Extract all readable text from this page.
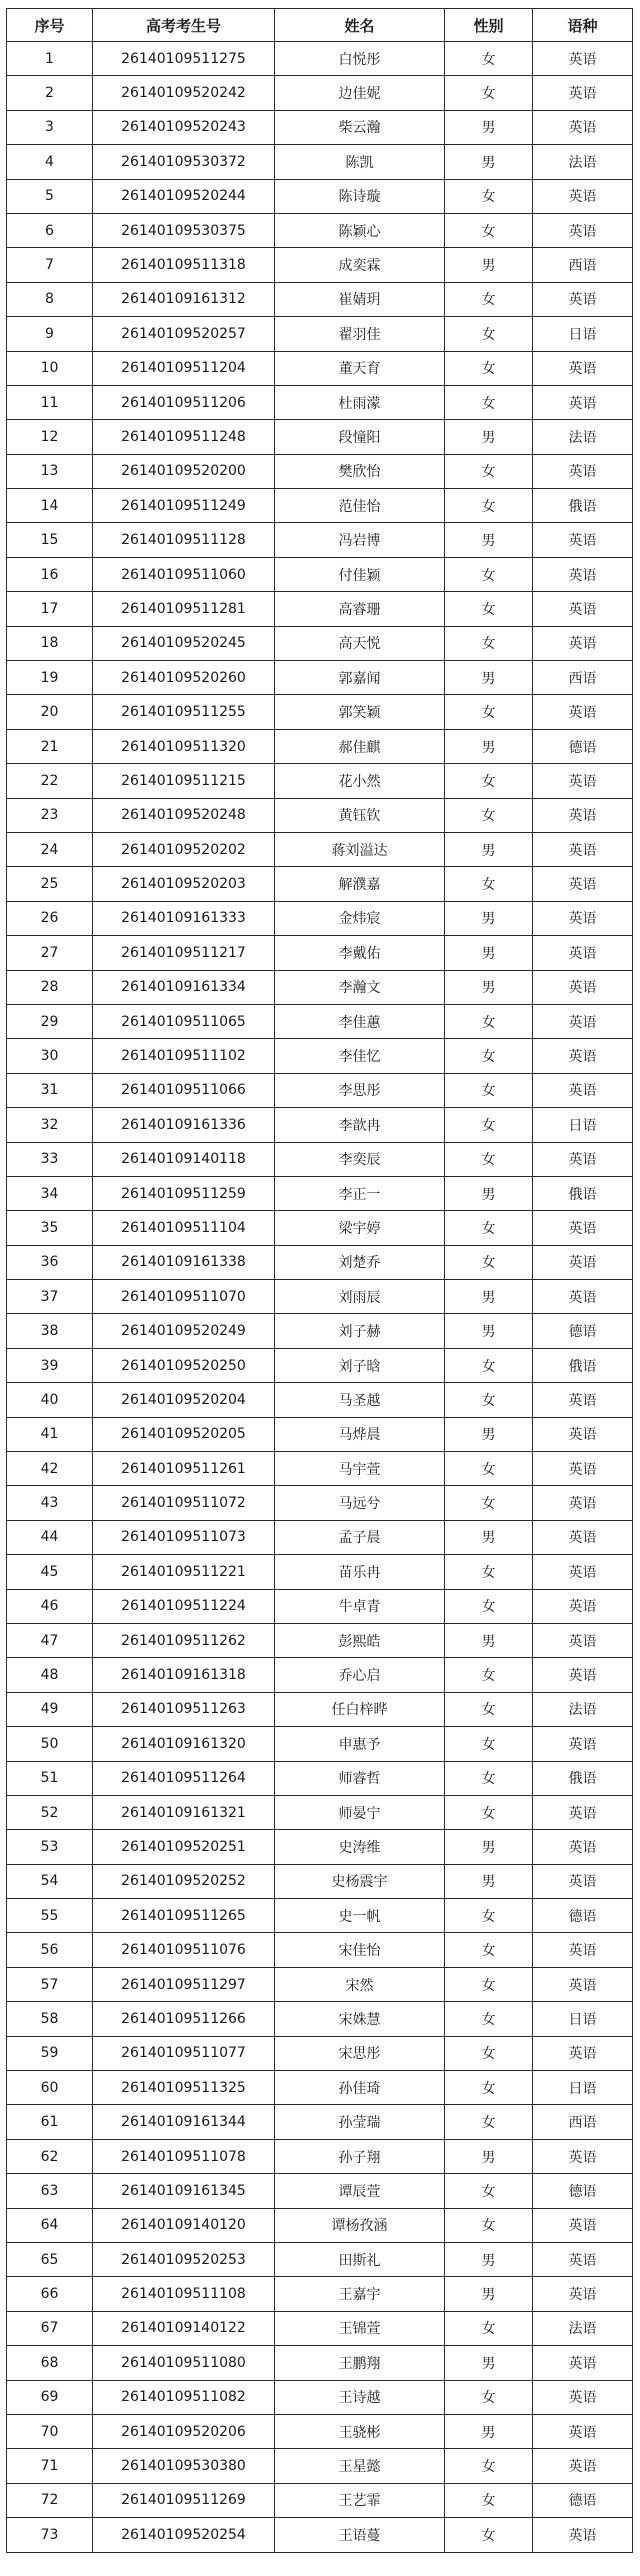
序号	高考考生号	姓名	性别	语种
1	26140109511275	白悦彤	女	英语
2	26140109520242	边佳妮	女	英语
3	26140109520243	柴云瀚	男	英语
4	26140109530372	陈凯	男	法语
5	26140109520244	陈诗璇	女	英语
6	26140109530375	陈颖心	女	英语
7	26140109511318	成奕霖	男	西语
8	26140109161312	崔婧玥	女	英语
9	26140109520257	翟羽佳	女	日语
10	26140109511204	董天育	女	英语
11	26140109511206	杜雨濛	女	英语
12	26140109511248	段憧阳	男	法语
13	26140109520200	樊欣怡	女	英语
14	26140109511249	范佳怡	女	俄语
15	26140109511128	冯岩博	男	英语
16	26140109511060	付佳颖	女	英语
17	26140109511281	高睿珊	女	英语
18	26140109520245	高天悦	女	英语
19	26140109520260	郭嘉闻	男	西语
20	26140109511255	郭笑颖	女	英语
21	26140109511320	郝佳麒	男	德语
22	26140109511215	花小然	女	英语
23	26140109520248	黄钰钦	女	英语
24	26140109520202	蒋刘溢达	男	英语
25	26140109520203	解濮嘉	女	英语
26	26140109161333	金炜宸	男	英语
27	26140109511217	李戴佑	男	英语
28	26140109161334	李瀚文	男	英语
29	26140109511065	李佳蕙	女	英语
30	26140109511102	李佳忆	女	英语
31	26140109511066	李思彤	女	英语
32	26140109161336	李歆冉	女	日语
33	26140109140118	李奕辰	女	英语
34	26140109511259	李正一	男	俄语
35	26140109511104	梁宇婷	女	英语
36	26140109161338	刘楚乔	女	英语
37	26140109511070	刘雨辰	男	英语
38	26140109520249	刘子赫	男	德语
39	26140109520250	刘子晗	女	俄语
40	26140109520204	马圣越	女	英语
41	26140109520205	马烨晨	男	英语
42	26140109511261	马宇萱	女	英语
43	26140109511072	马远兮	女	英语
44	26140109511073	孟子晨	男	英语
45	26140109511221	苗乐冉	女	英语
46	26140109511224	牛卓青	女	英语
47	26140109511262	彭熙皓	男	英语
48	26140109161318	乔心启	女	英语
49	26140109511263	任白梓晔	女	法语
50	26140109161320	申惠予	女	英语
51	26140109511264	师睿哲	女	俄语
52	26140109161321	师晏宁	女	英语
53	26140109520251	史涛维	男	英语
54	26140109520252	史杨震宇	男	英语
55	26140109511265	史一帆	女	德语
56	26140109511076	宋佳怡	女	英语
57	26140109511297	宋然	女	英语
58	26140109511266	宋姝慧	女	日语
59	26140109511077	宋思彤	女	英语
60	26140109511325	孙佳琦	女	日语
61	26140109161344	孙莹瑞	女	西语
62	26140109511078	孙子翔	男	英语
63	26140109161345	谭辰萱	女	德语
64	26140109140120	谭杨孜涵	女	英语
65	26140109520253	田斯礼	男	英语
66	26140109511108	王嘉宇	男	英语
67	26140109140122	王锦萱	女	法语
68	26140109511080	王鹏翔	男	英语
69	26140109511082	王诗越	女	英语
70	26140109520206	王骁彬	男	英语
71	26140109530380	王星懿	女	英语
72	26140109511269	王艺霏	女	德语
73	26140109520254	王语蔓	女	英语
